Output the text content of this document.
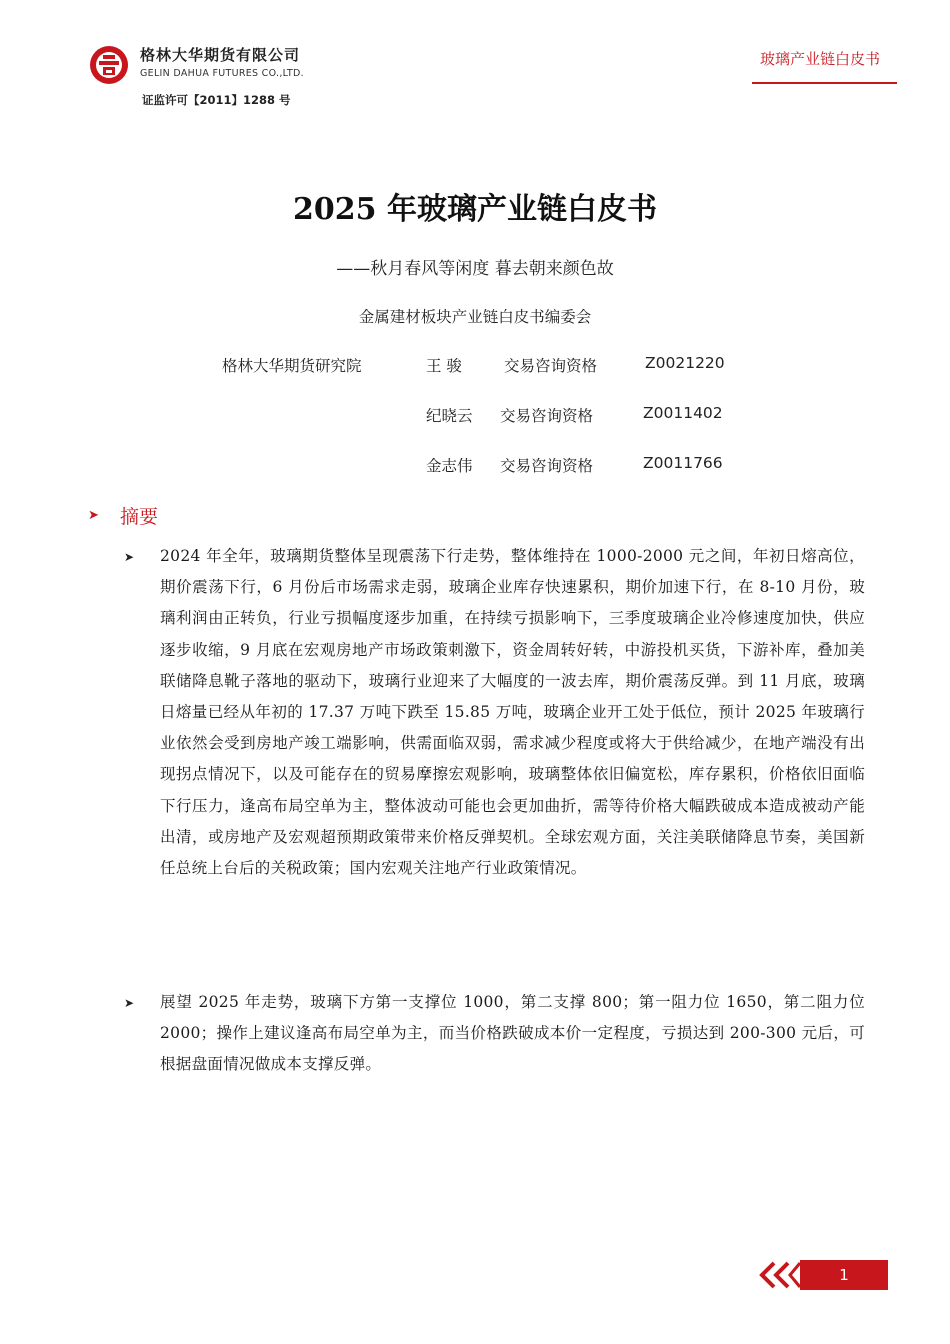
格林大华期货有限公司
GELIN DAHUA FUTURES CO.,LTD.
证监许可【2011】1288 号
玻璃产业链白皮书
2025 年玻璃产业链白皮书
——秋月春风等闲度 暮去朝来颜色故
金属建材板块产业链白皮书编委会
格林大华期货研究院	王 骏	交易咨询资格	Z0021220
纪晓云 交易咨询资格	Z0011402
金志伟 交易咨询资格	Z0011766
➤ 摘要
➤ 2024 年全年，玻璃期货整体呈现震荡下行走势，整体维持在 1000-2000 元之间，年初日熔高位，期价震荡下行，6 月份后市场需求走弱，玻璃企业库存快速累积，期价加速下行，在 8-10 月份，玻璃利润由正转负，行业亏损幅度逐步加重，在持续亏损影响下，三季度玻璃企业冷修速度加快，供应逐步收缩，9 月底在宏观房地产市场政策刺激下，资金周转好转，中游投机买货，下游补库，叠加美联储降息靴子落地的驱动下，玻璃行业迎来了大幅度的一波去库，期价震荡反弹。到 11 月底，玻璃日熔量已经从年初的 17.37 万吨下跌至 15.85 万吨，玻璃企业开工处于低位，预计 2025 年玻璃行业依然会受到房地产竣工端影响，供需面临双弱，需求减少程度或将大于供给减少，在地产端没有出现拐点情况下，以及可能存在的贸易摩擦宏观影响，玻璃整体依旧偏宽松，库存累积，价格依旧面临下行压力，逢高布局空单为主，整体波动可能也会更加曲折，需等待价格大幅跌破成本造成被动产能出清，或房地产及宏观超预期政策带来价格反弹契机。全球宏观方面，关注美联储降息节奏，美国新任总统上台后的关税政策；国内宏观关注地产行业政策情况。
➤ 展望 2025 年走势，玻璃下方第一支撑位 1000，第二支撑 800；第一阻力位 1650，第二阻力位 2000；操作上建议逢高布局空单为主，而当价格跌破成本价一定程度，亏损达到 200-300 元后，可根据盘面情况做成本支撑反弹。
1
